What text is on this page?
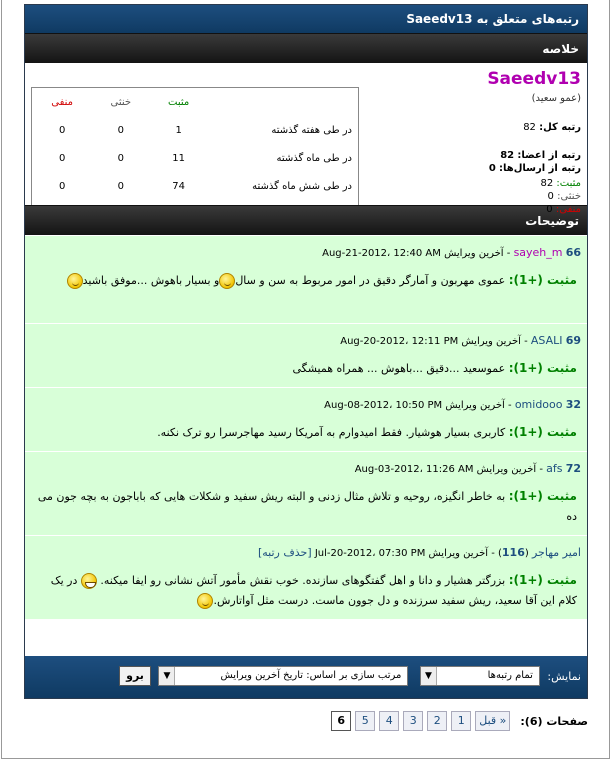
رتبه‌های متعلق به Saeedv13
خلاصه
Saeedv13
(عمو سعید)
رتبه کل: 82
رتبه از اعضا: 82
رتبه از ارسال‌ها: 0
مثبت: 82
خنثی: 0
منفی: 0
	مثبت	خنثی	منفی
در طی هفته گذشته	1	0	0
در طی ماه گذشته	11	0	0
در طی شش ماه گذشته	74	0	0
توضیحات
66 sayeh_m - آخرین ویرایش Aug-21-2012، 12:40 AM
مثبت (+1): عموی مهربون و آمارگر دقیق در امور مربوط به سن و سالو بسیار باهوش ...موفق باشید
69 ASALI - آخرین ویرایش Aug-20-2012، 12:11 PM
مثبت (+1): عموسعید ...دقیق ...باهوش ... همراه همیشگی
32 omidooo - آخرین ویرایش Aug-08-2012، 10:50 PM
مثبت (+1): کاربری بسیار هوشیار. فقط امیدوارم به آمریکا رسید مهاجرسرا رو ترک نکنه.
72 afs - آخرین ویرایش Aug-03-2012، 11:26 AM
مثبت (+1): به خاطر انگیزه، روحیه و تلاش مثال زدنی و البته ریش سفید و شکلات هایی که باباجون به بچه جون می ده
امیر مهاجر (116) - آخرین ویرایش Jul-20-2012، 07:30 PM [حذف رتبه]
مثبت (+1): بزرگتر هشیار و دانا و اهل گفتگوهای سازنده. خوب نقش مأمور آتش نشانی رو ایفا میکنه.  در یک کلام این آقا سعید، ریش سفید سرزنده و دل جوون ماست. درست مثل آواتارش.
نمایش: تمام رتبه‌ها
▼
مرتب سازی بر اساس: تاریخ آخرین ویرایش
▼
برو
صفحات (6):
« قبل
1
2
3
4
5
6
